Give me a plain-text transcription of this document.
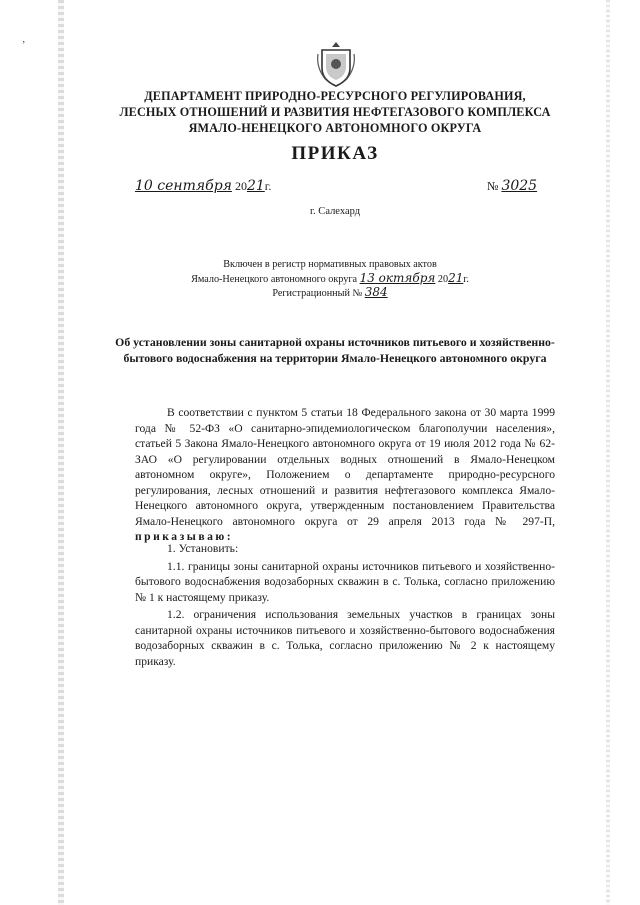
ʼ
ДЕПАРТАМЕНТ ПРИРОДНО-РЕСУРСНОГО РЕГУЛИРОВАНИЯ,
ЛЕСНЫХ ОТНОШЕНИЙ И РАЗВИТИЯ НЕФТЕГАЗОВОГО КОМПЛЕКСА
ЯМАЛО-НЕНЕЦКОГО АВТОНОМНОГО ОКРУГА
ПРИКАЗ
10 сентября 2021г.	№ 3025
г. Салехард
Включен в регистр нормативных правовых актов
Ямало-Ненецкого автономного округа 13 октября 2021г.
Регистрационный № 384
Об установлении зоны санитарной охраны источников питьевого и хозяйственно-бытового водоснабжения на территории Ямало-Ненецкого автономного округа

В соответствии с пунктом 5 статьи 18 Федерального закона от 30 марта 1999 года № 52-ФЗ «О санитарно-эпидемиологическом благополучии населения», статьей 5 Закона Ямало-Ненецкого автономного округа от 19 июля 2012 года № 62-ЗАО «О регулировании отдельных водных отношений в Ямало-Ненецком автономном округе», Положением о департаменте природно-ресурсного регулирования, лесных отношений и развития нефтегазового комплекса Ямало-Ненецкого автономного округа, утвержденным постановлением Правительства Ямало-Ненецкого автономного округа от 29 апреля 2013 года № 297-П, приказываю:

1. Установить:

1.1. границы зоны санитарной охраны источников питьевого и хозяйственно-бытового водоснабжения водозаборных скважин в с. Толька, согласно приложению № 1 к настоящему приказу.

1.2. ограничения использования земельных участков в границах зоны санитарной охраны источников питьевого и хозяйственно-бытового водоснабжения водозаборных скважин в с. Толька, согласно приложению № 2 к настоящему приказу.
